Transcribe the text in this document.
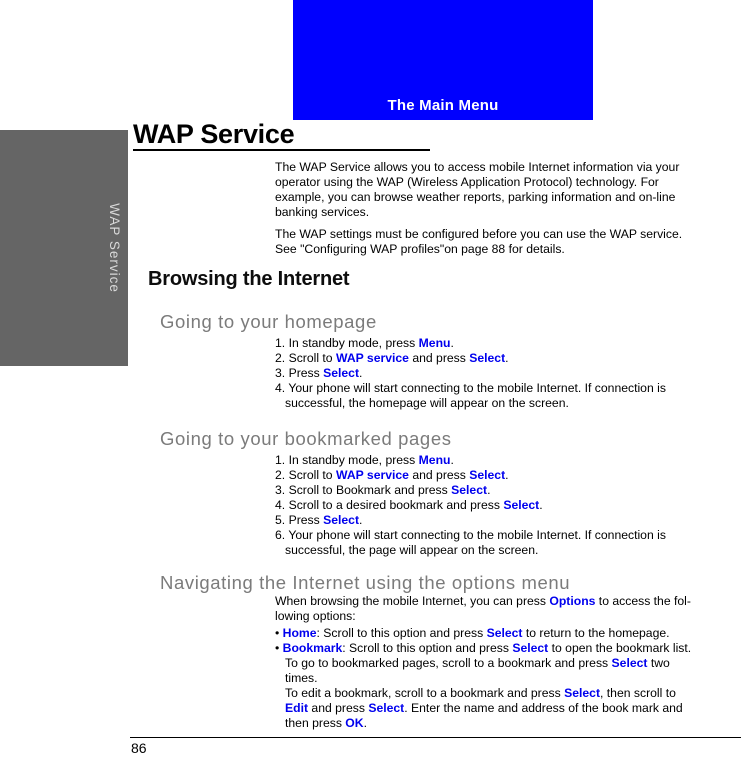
The Main Menu
WAP Service
WAP Service
The WAP Service allows you to access mobile Internet information via your
operator using the WAP (Wireless Application Protocol) technology. For
example, you can browse weather reports, parking information and on-line
banking services.
The WAP settings must be configured before you can use the WAP service.
See "Configuring WAP profiles"on page 88 for details.
Browsing the Internet
Going to your homepage
1. In standby mode, press Menu.
2. Scroll to WAP service and press Select.
3. Press Select.
4. Your phone will start connecting to the mobile Internet. If connection is
successful, the homepage will appear on the screen.
Going to your bookmarked pages
1. In standby mode, press Menu.
2. Scroll to WAP service and press Select.
3. Scroll to Bookmark and press Select.
4. Scroll to a desired bookmark and press Select.
5. Press Select.
6. Your phone will start connecting to the mobile Internet. If connection is
successful, the page will appear on the screen.
Navigating the Internet using the options menu
When browsing the mobile Internet, you can press Options to access the fol-
lowing options:
• Home: Scroll to this option and press Select to return to the homepage.
• Bookmark: Scroll to this option and press Select to open the bookmark list.
To go to bookmarked pages, scroll to a bookmark and press Select two
times.
To edit a bookmark, scroll to a bookmark and press Select, then scroll to
Edit and press Select. Enter the name and address of the book mark and
then press OK.
86
